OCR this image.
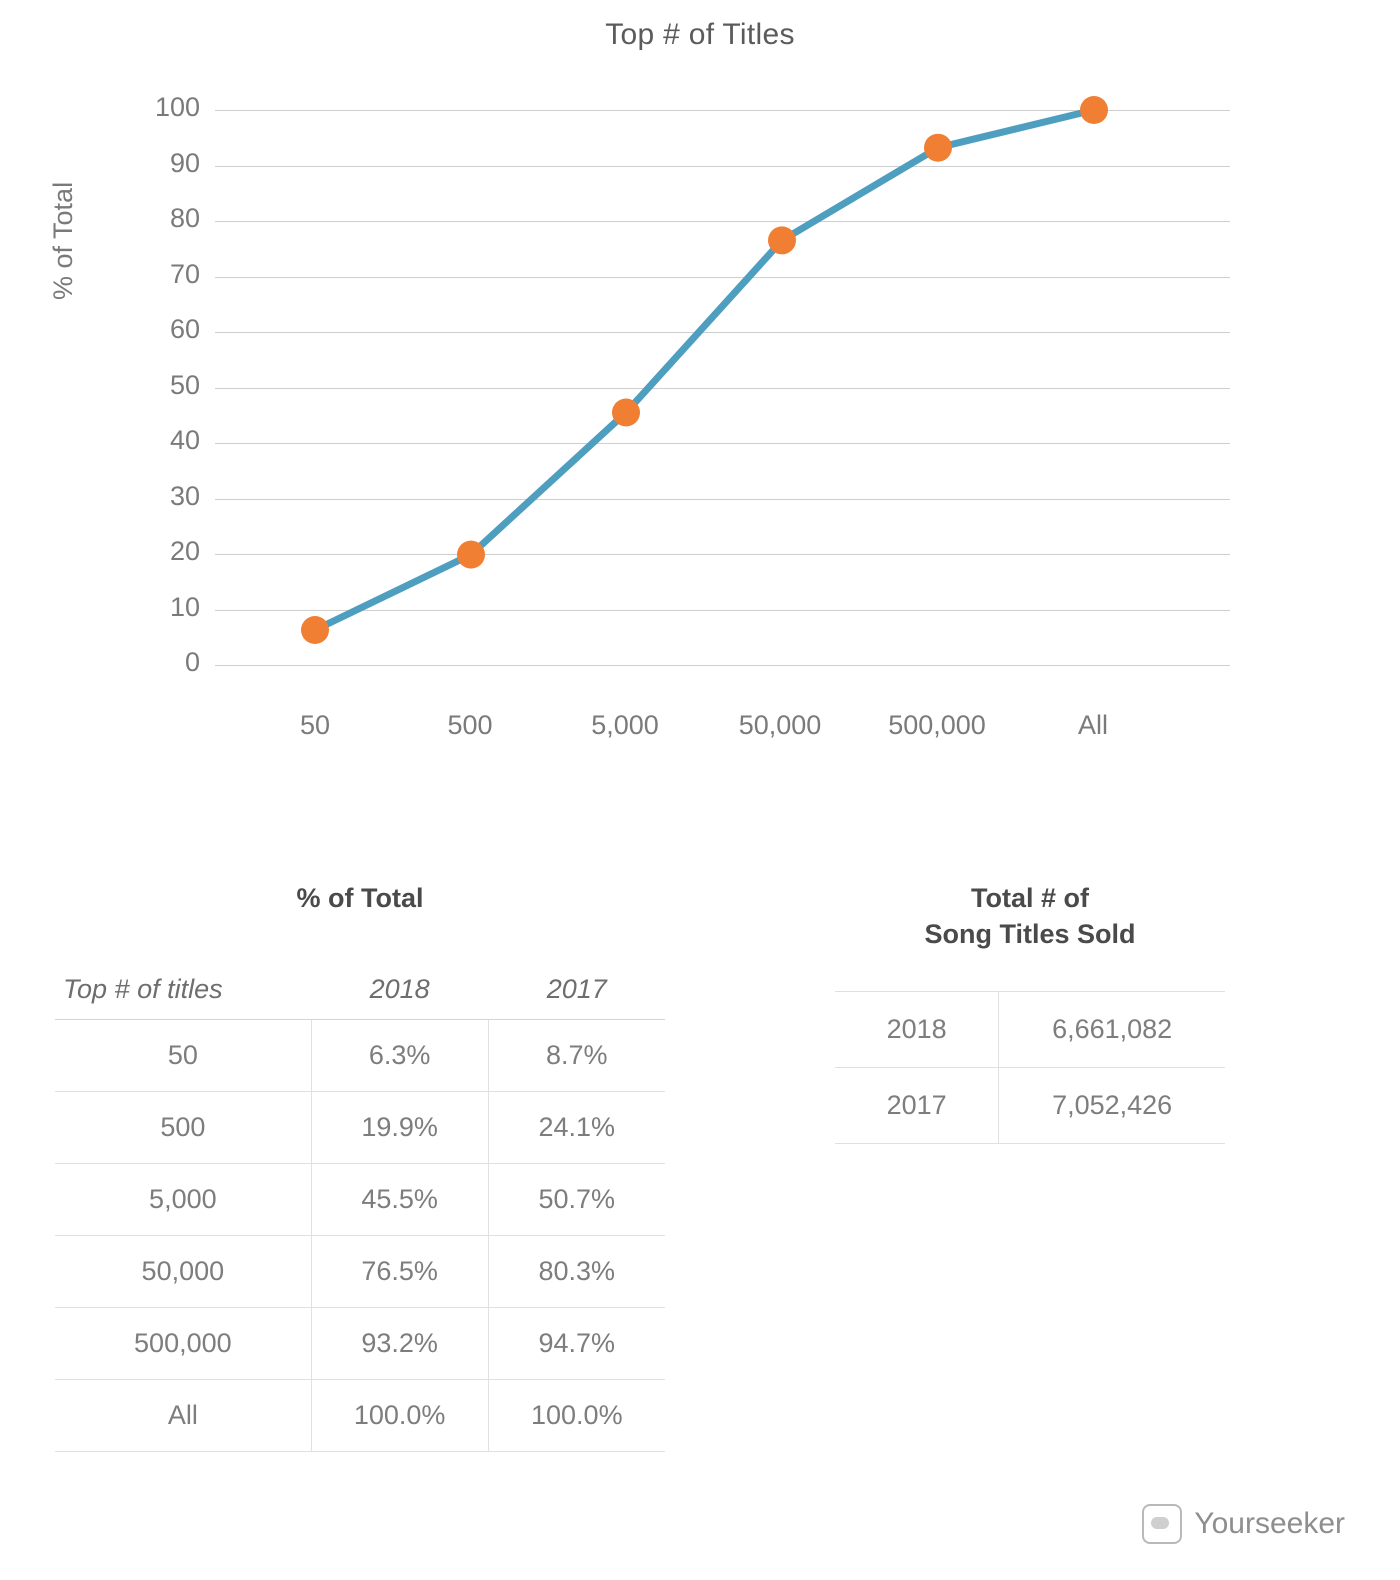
Top # of Titles
% of Total
100
90
80
70
60
50
40
30
20
10
0
50	500	5,000	50,000	500,000	All
% of Total
Top # of titles	2018	2017
50	6.3%	8.7%
500	19.9%	24.1%
5,000	45.5%	50.7%
50,000	76.5%	80.3%
500,000	93.2%	94.7%
All	100.0%	100.0%
Total # of
Song Titles Sold
2018	6,661,082
2017	7,052,426
Yourseeker
